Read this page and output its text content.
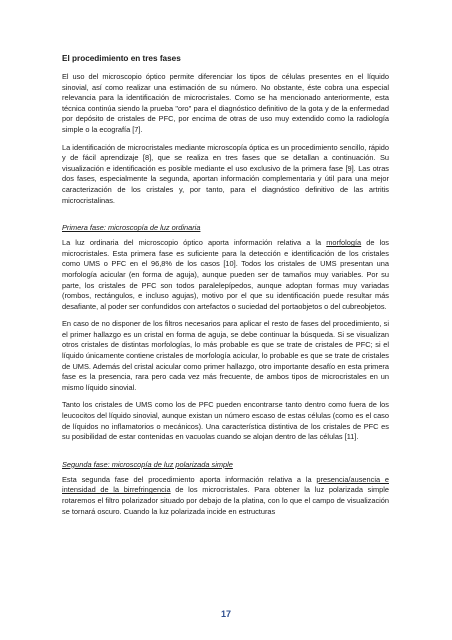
El procedimiento en tres fases

El uso del microscopio óptico permite diferenciar los tipos de células presentes en el líquido sinovial, así como realizar una estimación de su número. No obstante, éste cobra una especial relevancia para la identificación de microcristales. Como se ha mencionado anteriormente, esta técnica continúa siendo la prueba "oro" para el diagnóstico definitivo de la gota y de la enfermedad por depósito de cristales de PFC, por encima de otras de uso muy extendido como la radiología simple o la ecografía [7].

La identificación de microcristales mediante microscopía óptica es un procedimiento sencillo, rápido y de fácil aprendizaje [8], que se realiza en tres fases que se detallan a continuación. Su visualización e identificación es posible mediante el uso exclusivo de la primera fase [9]. Las otras dos fases, especialmente la segunda, aportan información complementaria y útil para una mejor caracterización de los cristales y, por tanto, para el diagnóstico definitivo de las artritis microcristalinas.

Primera fase: microscopía de luz ordinaria

La luz ordinaria del microscopio óptico aporta información relativa a la morfología de los microcristales. Esta primera fase es suficiente para la detección e identificación de los cristales como UMS o PFC en el 96,8% de los casos [10]. Todos los cristales de UMS presentan una morfología acicular (en forma de aguja), aunque pueden ser de tamaños muy variables. Por su parte, los cristales de PFC son todos paralelepípedos, aunque adoptan formas muy variadas (rombos, rectángulos, e incluso agujas), motivo por el que su identificación puede resultar más desafiante, al poder ser confundidos con artefactos o suciedad del portaobjetos o del cubreobjetos.

En caso de no disponer de los filtros necesarios para aplicar el resto de fases del procedimiento, si el primer hallazgo es un cristal en forma de aguja, se debe continuar la búsqueda. Si se visualizan otros cristales de distintas morfologías, lo más probable es que se trate de cristales de PFC; si el líquido únicamente contiene cristales de morfología acicular, lo probable es que se trate de cristales de UMS. Además del cristal acicular como primer hallazgo, otro importante desafío en esta primera fase es la presencia, rara pero cada vez más frecuente, de ambos tipos de microcristales en un mismo líquido sinovial.

Tanto los cristales de UMS como los de PFC pueden encontrarse tanto dentro como fuera de los leucocitos del líquido sinovial, aunque existan un número escaso de estas células (como es el caso de líquidos no inflamatorios o mecánicos). Una característica distintiva de los cristales de PFC es su posibilidad de estar contenidas en vacuolas cuando se alojan dentro de las células [11].

Segunda fase: microscopía de luz polarizada simple

Esta segunda fase del procedimiento aporta información relativa a la presencia/ausencia e intensidad de la birrefringencia de los microcristales. Para obtener la luz polarizada simple rotaremos el filtro polarizador situado por debajo de la platina, con lo que el campo de visualización se tornará oscuro. Cuando la luz polarizada incide en estructuras

17
